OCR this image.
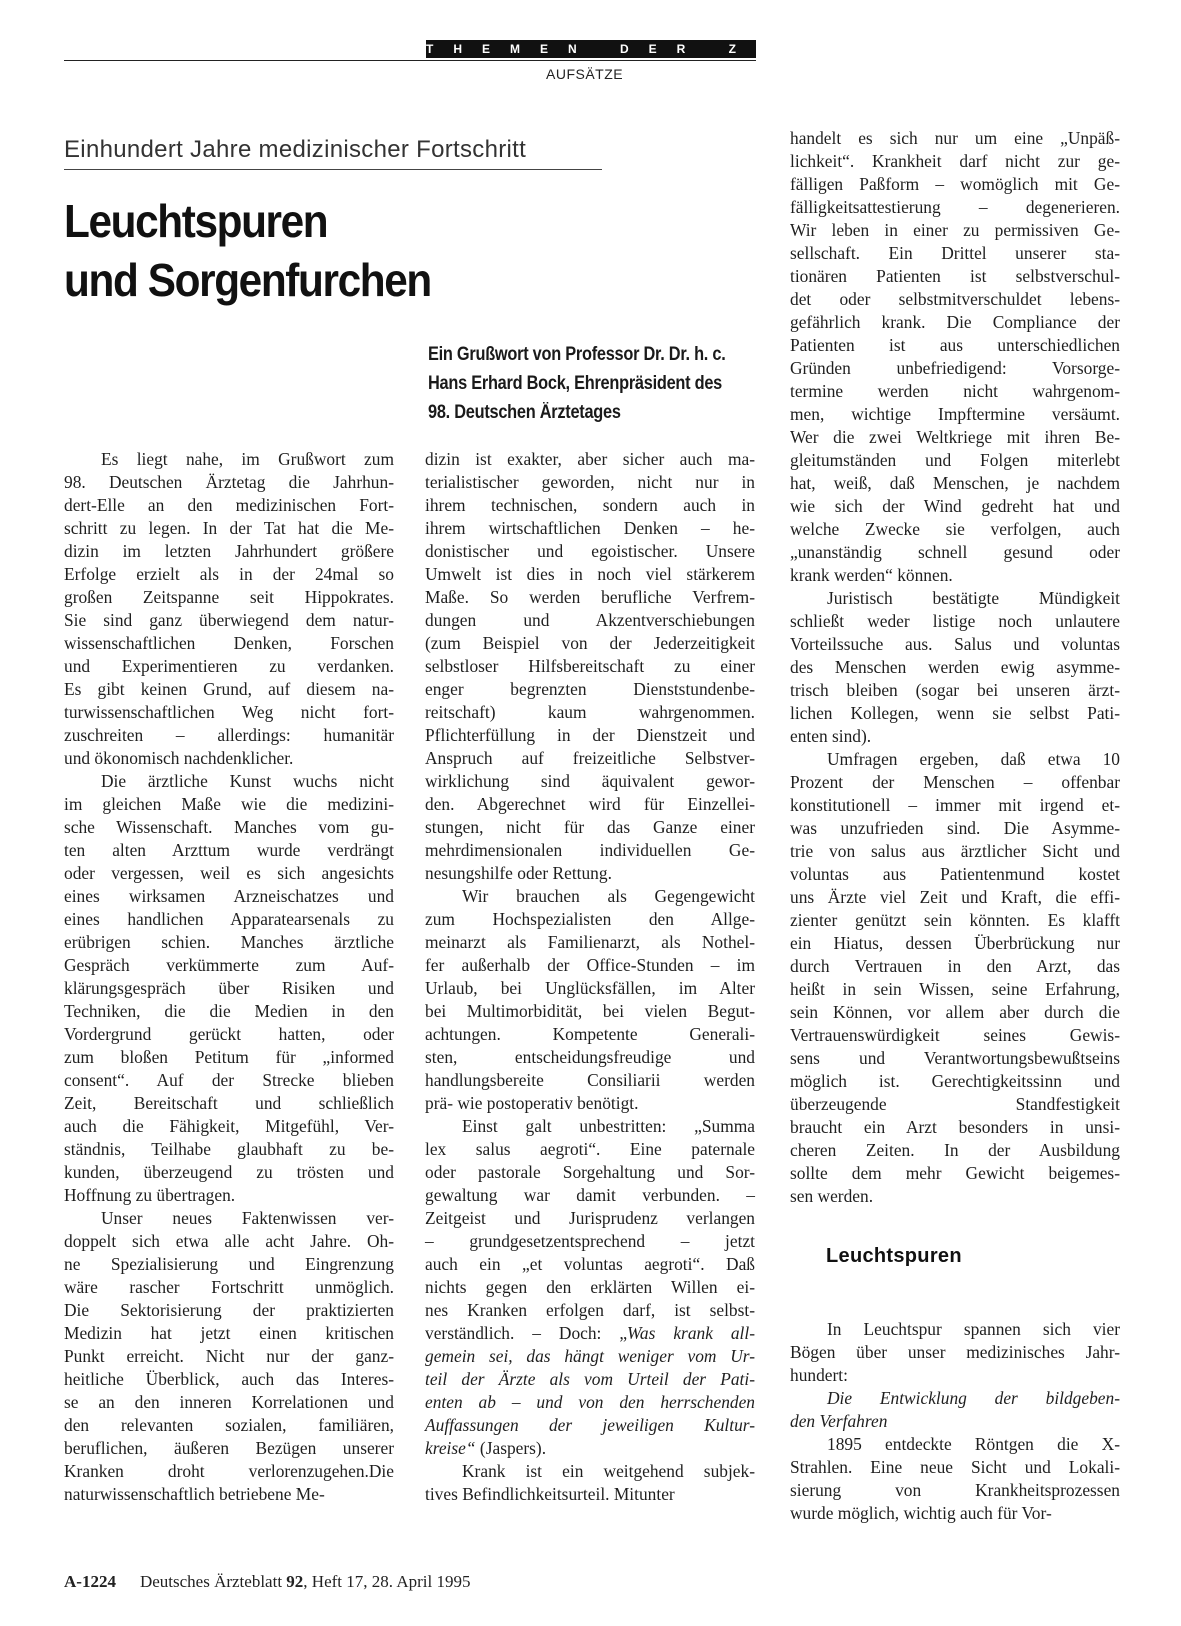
THEMEN DER ZEIT
AUFSÄTZE
Einhundert Jahre medizinischer Fortschritt
Leuchtspuren
und Sorgenfurchen
Ein Grußwort von Professor Dr. Dr. h. c.
Hans Erhard Bock, Ehrenpräsident des
98. Deutschen Ärztetages
Es liegt nahe, im Grußwort zum
98. Deutschen Ärztetag die Jahrhun-
dert-Elle an den medizinischen Fort-
schritt zu legen. In der Tat hat die Me-
dizin im letzten Jahrhundert größere
Erfolge erzielt als in der 24mal so
großen Zeitspanne seit Hippokrates.
Sie sind ganz überwiegend dem natur-
wissenschaftlichen Denken, Forschen
und Experimentieren zu verdanken.
Es gibt keinen Grund, auf diesem na-
turwissenschaftlichen Weg nicht fort-
zuschreiten – allerdings: humanitär
und ökonomisch nachdenklicher.
Die ärztliche Kunst wuchs nicht
im gleichen Maße wie die medizini-
sche Wissenschaft. Manches vom gu-
ten alten Arzttum wurde verdrängt
oder vergessen, weil es sich angesichts
eines wirksamen Arzneischatzes und
eines handlichen Apparatearsenals zu
erübrigen schien. Manches ärztliche
Gespräch verkümmerte zum Auf-
klärungsgespräch über Risiken und
Techniken, die die Medien in den
Vordergrund gerückt hatten, oder
zum bloßen Petitum für „informed
consent“. Auf der Strecke blieben
Zeit, Bereitschaft und schließlich
auch die Fähigkeit, Mitgefühl, Ver-
ständnis, Teilhabe glaubhaft zu be-
kunden, überzeugend zu trösten und
Hoffnung zu übertragen.
Unser neues Faktenwissen ver-
doppelt sich etwa alle acht Jahre. Oh-
ne Spezialisierung und Eingrenzung
wäre rascher Fortschritt unmöglich.
Die Sektorisierung der praktizierten
Medizin hat jetzt einen kritischen
Punkt erreicht. Nicht nur der ganz-
heitliche Überblick, auch das Interes-
se an den inneren Korrelationen und
den relevanten sozialen, familiären,
beruflichen, äußeren Bezügen unserer
Kranken droht verlorenzugehen.Die
naturwissenschaftlich betriebene Me-
dizin ist exakter, aber sicher auch ma-
terialistischer geworden, nicht nur in
ihrem technischen, sondern auch in
ihrem wirtschaftlichen Denken – he-
donistischer und egoistischer. Unsere
Umwelt ist dies in noch viel stärkerem
Maße. So werden berufliche Verfrem-
dungen und Akzentverschiebungen
(zum Beispiel von der Jederzeitigkeit
selbstloser Hilfsbereitschaft zu einer
enger begrenzten Dienststundenbe-
reitschaft) kaum wahrgenommen.
Pflichterfüllung in der Dienstzeit und
Anspruch auf freizeitliche Selbstver-
wirklichung sind äquivalent gewor-
den. Abgerechnet wird für Einzellei-
stungen, nicht für das Ganze einer
mehrdimensionalen individuellen Ge-
nesungshilfe oder Rettung.
Wir brauchen als Gegengewicht
zum Hochspezialisten den Allge-
meinarzt als Familienarzt, als Nothel-
fer außerhalb der Office-Stunden – im
Urlaub, bei Unglücksfällen, im Alter
bei Multimorbidität, bei vielen Begut-
achtungen. Kompetente Generali-
sten, entscheidungsfreudige und
handlungsbereite Consiliarii werden
prä- wie postoperativ benötigt.
Einst galt unbestritten: „Summa
lex salus aegroti“. Eine paternale
oder pastorale Sorgehaltung und Sor-
gewaltung war damit verbunden. –
Zeitgeist und Jurisprudenz verlangen
– grundgesetzentsprechend – jetzt
auch ein „et voluntas aegroti“. Daß
nichts gegen den erklärten Willen ei-
nes Kranken erfolgen darf, ist selbst-
verständlich. – Doch: „Was krank all-
gemein sei, das hängt weniger vom Ur-
teil der Ärzte als vom Urteil der Pati-
enten ab – und von den herrschenden
Auffassungen der jeweiligen Kultur-
kreise“ (Jaspers).
Krank ist ein weitgehend subjek-
tives Befindlichkeitsurteil. Mitunter
handelt es sich nur um eine „Unpäß-
lichkeit“. Krankheit darf nicht zur ge-
fälligen Paßform – womöglich mit Ge-
fälligkeitsattestierung – degenerieren.
Wir leben in einer zu permissiven Ge-
sellschaft. Ein Drittel unserer sta-
tionären Patienten ist selbstverschul-
det oder selbstmitverschuldet lebens-
gefährlich krank. Die Compliance der
Patienten ist aus unterschiedlichen
Gründen unbefriedigend: Vorsorge-
termine werden nicht wahrgenom-
men, wichtige Impftermine versäumt.
Wer die zwei Weltkriege mit ihren Be-
gleitumständen und Folgen miterlebt
hat, weiß, daß Menschen, je nachdem
wie sich der Wind gedreht hat und
welche Zwecke sie verfolgen, auch
„unanständig schnell gesund oder
krank werden“ können.
Juristisch bestätigte Mündigkeit
schließt weder listige noch unlautere
Vorteilssuche aus. Salus und voluntas
des Menschen werden ewig asymme-
trisch bleiben (sogar bei unseren ärzt-
lichen Kollegen, wenn sie selbst Pati-
enten sind).
Umfragen ergeben, daß etwa 10
Prozent der Menschen – offenbar
konstitutionell – immer mit irgend et-
was unzufrieden sind. Die Asymme-
trie von salus aus ärztlicher Sicht und
voluntas aus Patientenmund kostet
uns Ärzte viel Zeit und Kraft, die effi-
zienter genützt sein könnten. Es klafft
ein Hiatus, dessen Überbrückung nur
durch Vertrauen in den Arzt, das
heißt in sein Wissen, seine Erfahrung,
sein Können, vor allem aber durch die
Vertrauenswürdigkeit seines Gewis-
sens und Verantwortungsbewußtseins
möglich ist. Gerechtigkeitssinn und
überzeugende Standfestigkeit
braucht ein Arzt besonders in unsi-
cheren Zeiten. In der Ausbildung
sollte dem mehr Gewicht beigemes-
sen werden.
Leuchtspuren
In Leuchtspur spannen sich vier
Bögen über unser medizinisches Jahr-
hundert:
Die Entwicklung der bildgeben-
den Verfahren
1895 entdeckte Röntgen die X-
Strahlen. Eine neue Sicht und Lokali-
sierung von Krankheitsprozessen
wurde möglich, wichtig auch für Vor-
A-1224 Deutsches Ärzteblatt 92, Heft 17, 28. April 1995
